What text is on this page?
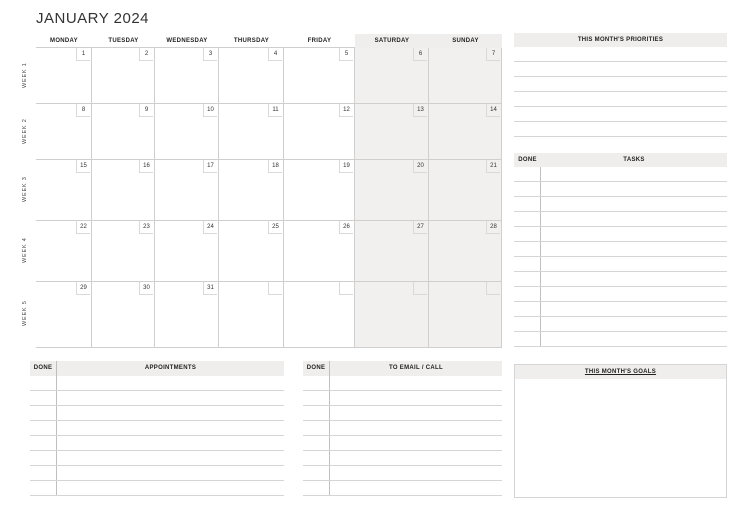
JANUARY 2024
MONDAY	TUESDAY	WEDNESDAY	THURSDAY	FRIDAY	SATURDAY	SUNDAY
WEEK 1
1	2	3	4	5	6	7
WEEK 2
8	9	10	11	12	13	14
WEEK 3
15	16	17	18	19	20	21
WEEK 4
22	23	24	25	26	27	28
WEEK 5
29	30	31
THIS MONTH'S PRIORITIES
DONE	TASKS
DONE	APPOINTMENTS	DONE	TO EMAIL / CALL
THIS MONTH'S GOALS
